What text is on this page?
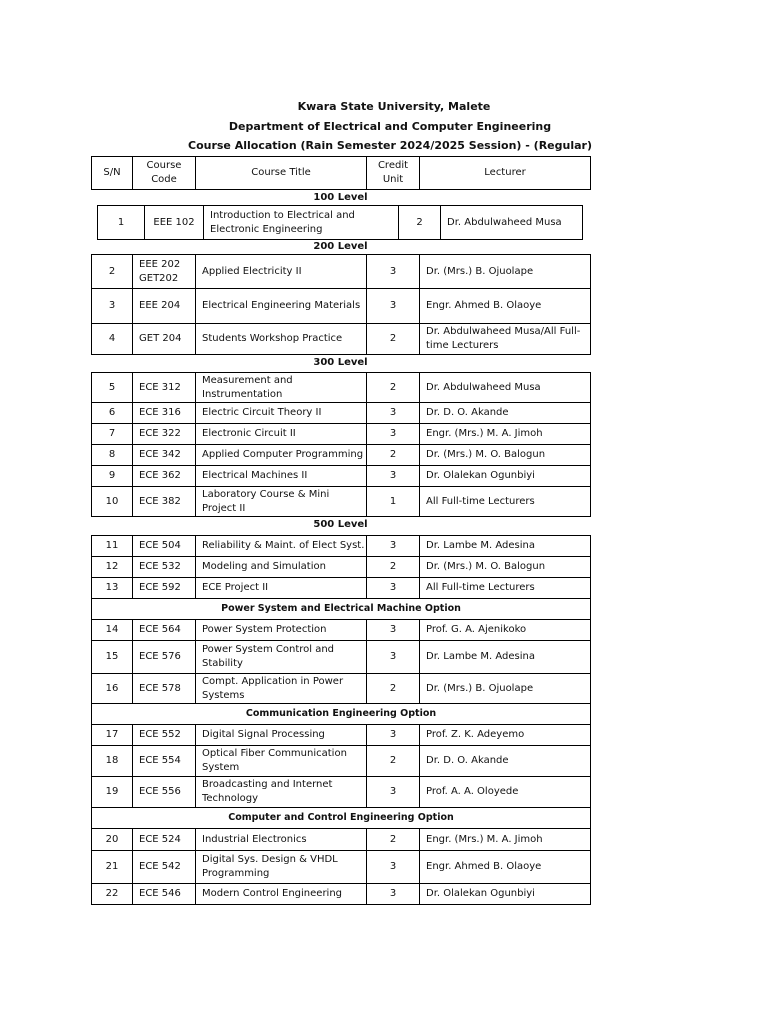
Kwara State University, Malete
Department of Electrical and Computer Engineering
Course Allocation (Rain Semester 2024/2025 Session) - (Regular)
S/N	Course Code	Course Title	Credit Unit	Lecturer
100 Level
1	EEE 102	Introduction to Electrical and Electronic Engineering	2	Dr. Abdulwaheed Musa
200 Level
2	EEE 202 GET202	Applied Electricity II	3	Dr. (Mrs.) B. Ojuolape
3	EEE 204	Electrical Engineering Materials	3	Engr. Ahmed B. Olaoye
4	GET 204	Students Workshop Practice	2	Dr. Abdulwaheed Musa/All Full-time Lecturers
300 Level
5	ECE 312	Measurement and Instrumentation	2	Dr. Abdulwaheed Musa
6	ECE 316	Electric Circuit Theory II	3	Dr. D. O. Akande
7	ECE 322	Electronic Circuit II	3	Engr. (Mrs.) M. A. Jimoh
8	ECE 342	Applied Computer Programming	2	Dr. (Mrs.) M. O. Balogun
9	ECE 362	Electrical Machines II	3	Dr. Olalekan Ogunbiyi
10	ECE 382	Laboratory Course & Mini Project II	1	All Full-time Lecturers
500 Level
11	ECE 504	Reliability & Maint. of Elect Syst.	3	Dr. Lambe M. Adesina
12	ECE 532	Modeling and Simulation	2	Dr. (Mrs.) M. O. Balogun
13	ECE 592	ECE Project II	3	All Full-time Lecturers
Power System and Electrical Machine Option				
14	ECE 564	Power System Protection	3	Prof. G. A. Ajenikoko
15	ECE 576	Power System Control and Stability	3	Dr. Lambe M. Adesina
16	ECE 578	Compt. Application in Power Systems	2	Dr. (Mrs.) B. Ojuolape
Communication Engineering Option				
17	ECE 552	Digital Signal Processing	3	Prof. Z. K. Adeyemo
18	ECE 554	Optical Fiber Communication System	2	Dr. D. O. Akande
19	ECE 556	Broadcasting and Internet Technology	3	Prof. A. A. Oloyede
Computer and Control Engineering Option				
20	ECE 524	Industrial Electronics	2	Engr. (Mrs.) M. A. Jimoh
21	ECE 542	Digital Sys. Design & VHDL Programming	3	Engr. Ahmed B. Olaoye
22	ECE 546	Modern Control Engineering	3	Dr. Olalekan Ogunbiyi
